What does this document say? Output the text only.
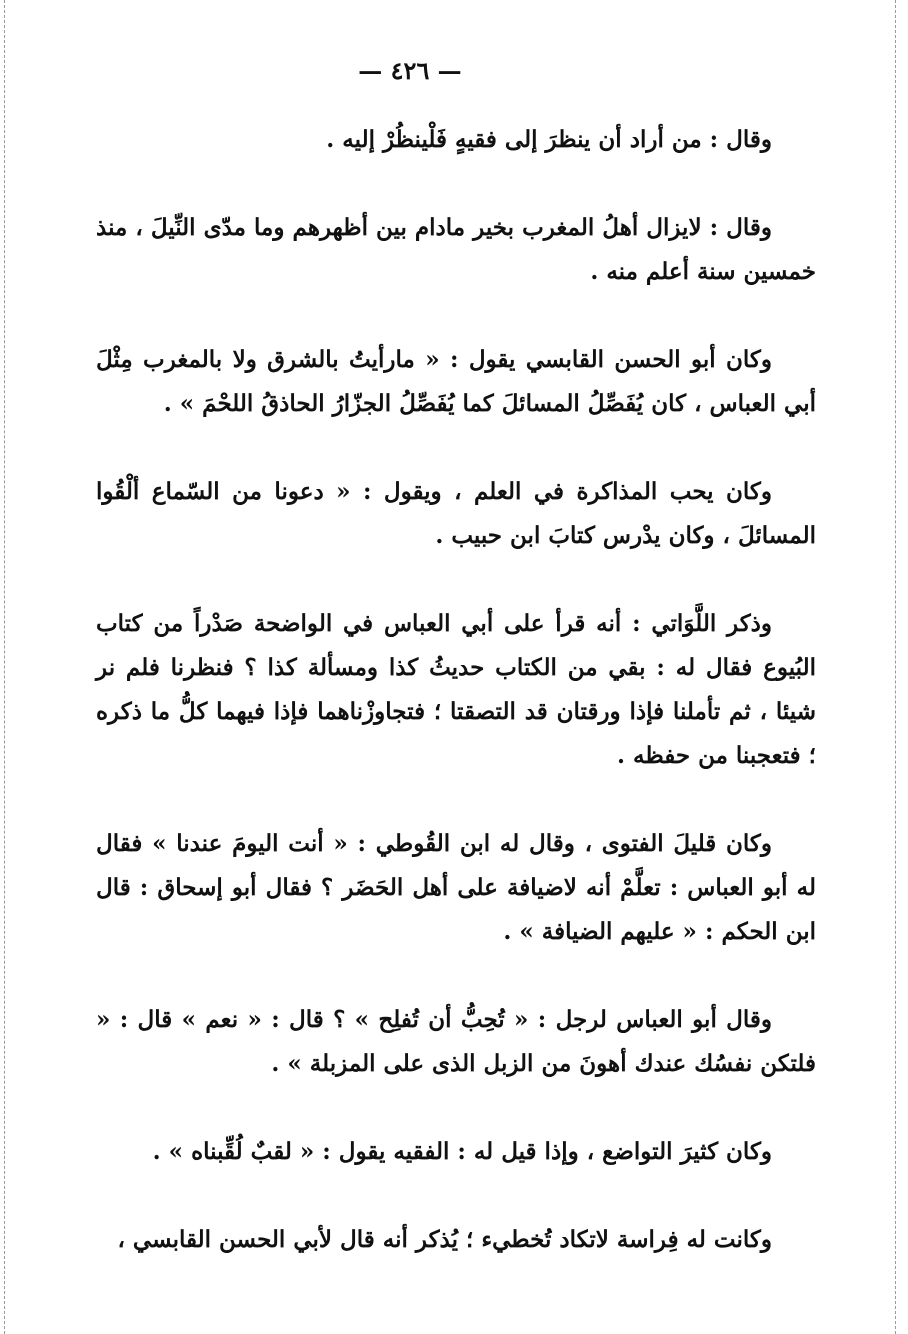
— ٤٢٦ —

وقال : من أراد أن ينظرَ إلى فقيهٍ فَلْينظُرْ إليه .

وقال : لايزال أهلُ المغرب بخير مادام بين أظهرهم وما مدّى النِّيلَ ، منذ خمسين سنة أعلم منه .

وكان أبو الحسن القابسي يقول : « مارأيتُ بالشرق ولا بالمغرب مِثْلَ أبي العباس ، كان يُفَصِّلُ المسائلَ كما يُفَصِّلُ الجزّارُ الحاذقُ اللحْمَ » .

وكان يحب المذاكرة في العلم ، ويقول : « دعونا من السّماع ألْقُوا المسائلَ ، وكان يدْرس كتابَ ابن حبيب .

وذكر اللَّوَاتي : أنه قرأ على أبي العباس في الواضحة صَدْراً من كتاب البُيوع فقال له : بقي من الكتاب حديثُ كذا ومسألة كذا ؟ فنظرنا فلم نر شيئا ، ثم تأملنا فإذا ورقتان قد التصقتا ؛ فتجاوزْناهما فإذا فيهما كلُّ ما ذكره ؛ فتعجبنا من حفظه .

وكان قليلَ الفتوى ، وقال له ابن القُوطي : « أنت اليومَ عندنا » فقال له أبو العباس : تعلَّمْ أنه لاضيافة على أهل الحَضَر ؟ فقال أبو إسحاق : قال ابن الحكم : « عليهم الضيافة » .

وقال أبو العباس لرجل : « تُحِبُّ أن تُفلِح » ؟ قال : « نعم » قال : « فلتكن نفسُك عندك أهونَ من الزبل الذى على المزبلة » .

وكان كثيرَ التواضع ، وإذا قيل له : الفقيه يقول : « لقبٌ لُقِّبناه » .

وكانت له فِراسة لاتكاد تُخطيء ؛ يُذكر أنه قال لأبي الحسن القابسي ،
